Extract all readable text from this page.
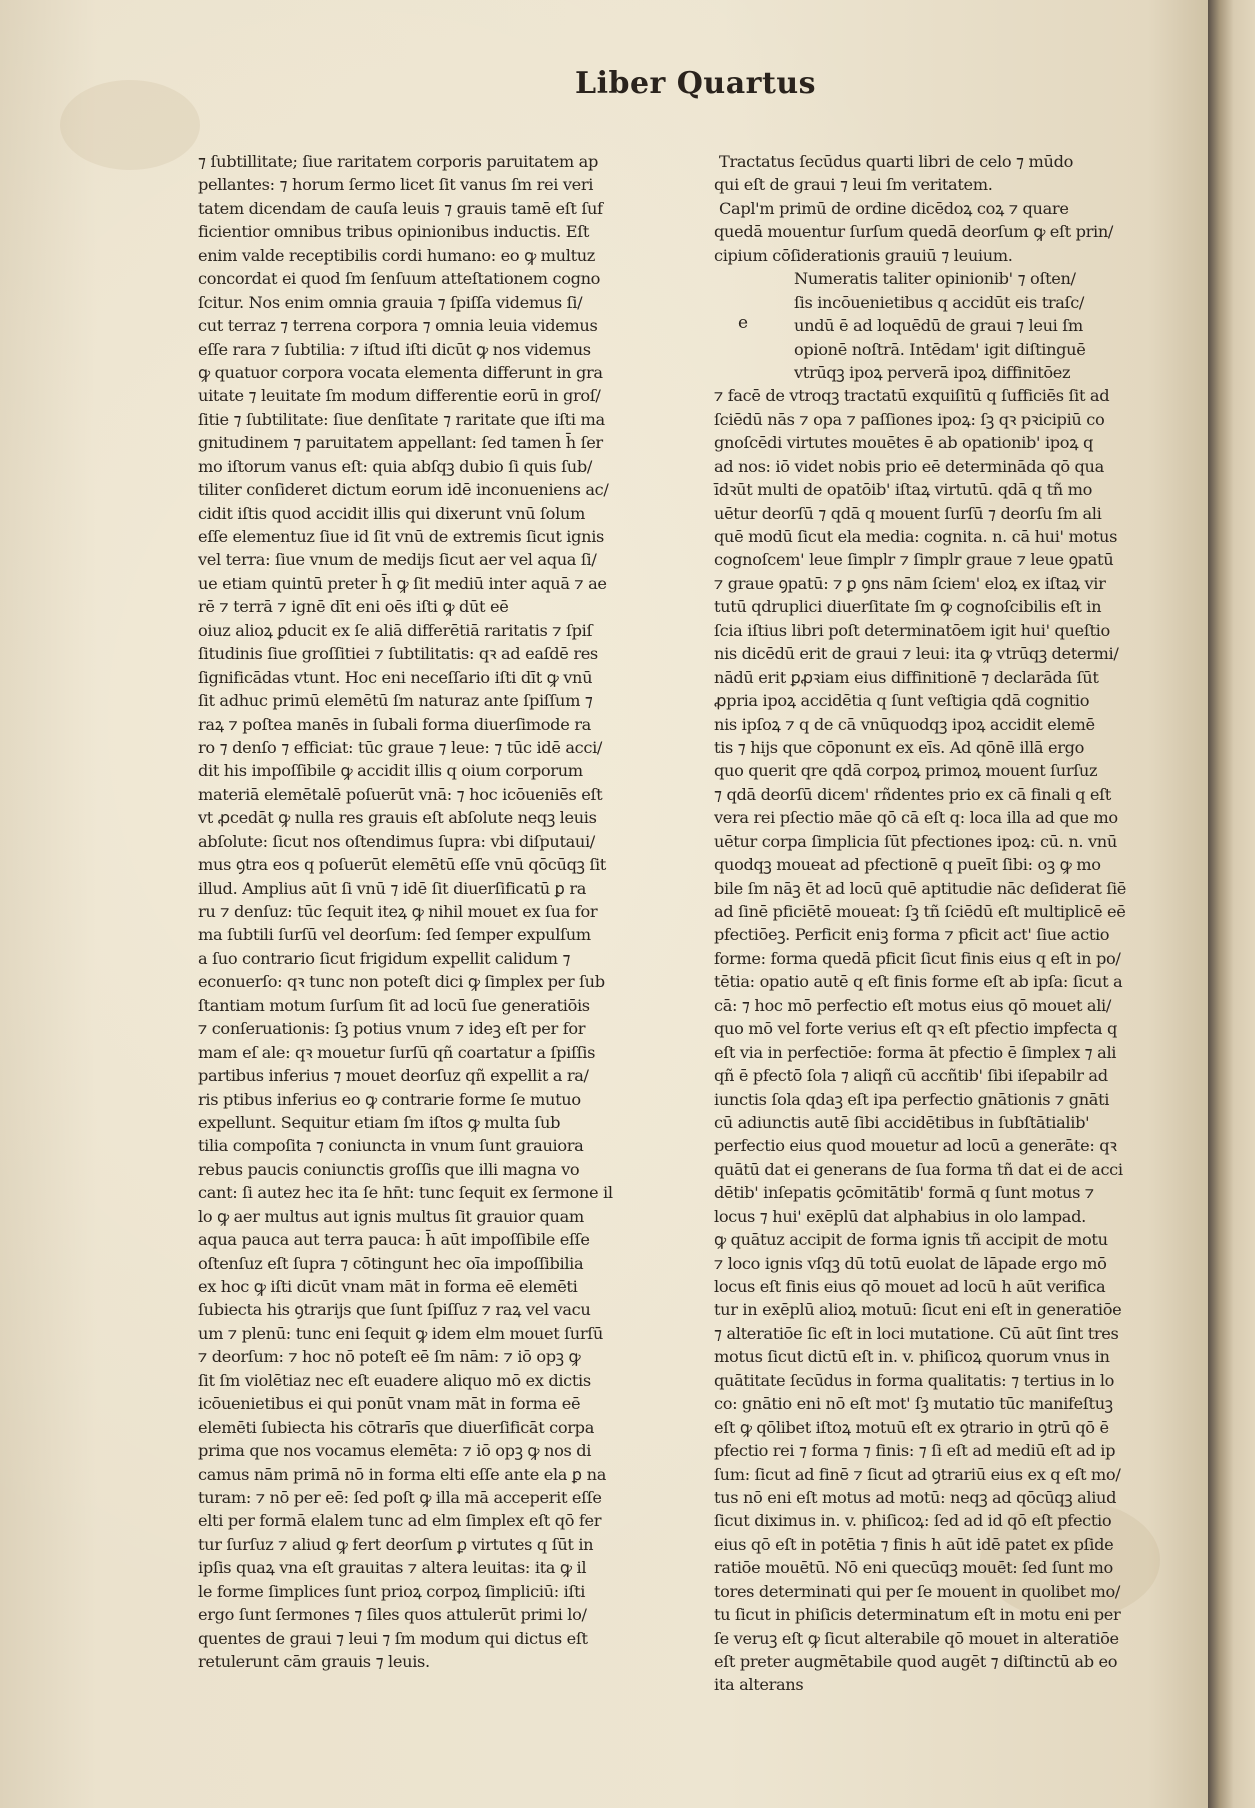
Liber Quartus
⁊ ſubtillitate; ſiue raritatem corporis paruitatem ap
pellantes: ⁊ horum ſermo licet ſit vanus ſm rei veri
tatem dicendam de cauſa leuis ⁊ grauis tamē eſt ſuf
ficientior omnibus tribus opinionibus inductis. Eſt
enim valde receptibilis cordi humano: eo ꝙ multuz
concordat ei quod ſm ſenſuum atteſtationem cogno
ſcitur. Nos enim omnia grauia ⁊ ſpiſſa videmus ſi/
cut terraz ⁊ terrena corpora ⁊ omnia leuia videmus
eſſe rara ⁊ ſubtilia: ⁊ iſtud iſti dicūt ꝙ nos videmus
ꝙ quatuor corpora vocata elementa differunt in gra
uitate ⁊ leuitate ſm modum differentie eorū in groſ/
ſitie ⁊ ſubtilitate: ſiue denſitate ⁊ raritate que iſti ma
gnitudinem ⁊ paruitatem appellant: ſed tamen h̄ ſer
mo iſtorum vanus eſt: quia abſqꝫ dubio ſi quis ſub/
tiliter conſideret dictum eorum idē inconueniens ac/
cidit iſtis quod accidit illis qui dixerunt vnū ſolum
eſſe elementuz ſiue id ſit vnū de extremis ſicut ignis
vel terra: ſiue vnum de medijs ſicut aer vel aqua ſi/
ue etiam quintū preter h̄ ꝙ ſit mediū inter aquā ⁊ ae
rē ⁊ terrā ⁊ ignē dīt eni oēs iſti ꝙ dūt eē
oiuz alioꝝ ꝑducit ex ſe aliā differētiā raritatis ⁊ ſpiſ
ſitudinis ſiue groſſitiei ⁊ ſubtilitatis: qꝛ ad eaſdē res
ſignificādas vtunt. Hoc eni neceſſario iſti dīt ꝙ vnū
ſit adhuc primū elemētū ſm naturaz ante ſpiſſum ⁊
raꝝ ⁊ poſtea manēs in ſubali forma diuerſimode ra
ro ⁊ denſo ⁊ efficiat: tūc graue ⁊ leue: ⁊ tūc idē acci/
dit his impoſſibile ꝙ accidit illis q oium corporum
materiā elemētalē poſuerūt vnā: ⁊ hoc icōueniēs eſt
vt ꝓcedāt ꝙ nulla res grauis eſt abſolute neqꝫ leuis
abſolute: ſicut nos oſtendimus ſupra: vbi diſputaui/
mus ꝯtra eos q poſuerūt elemētū eſſe vnū qōcūqꝫ ſit
illud. Amplius aūt ſi vnū ⁊ idē ſit diuerſificatū ꝑ ra
ru ⁊ denſuz: tūc ſequit iteꝝ ꝙ nihil mouet ex ſua for
ma ſubtili ſurſū vel deorſum: ſed ſemper expulſum
a ſuo contrario ſicut frigidum expellit calidum ⁊
econuerſo: qꝛ tunc non poteſt dici ꝙ ſimplex per ſub
ſtantiam motum ſurſum ſit ad locū ſue generatiōis
⁊ conſeruationis: ſꝫ potius vnum ⁊ ideꝫ eſt per for
mam eſ ale: qꝛ mouetur ſurſū qñ coartatur a ſpiſſis
partibus inferius ⁊ mouet deorſuz qñ expellit a ra/
ris ptibus inferius eo ꝙ contrarie forme ſe mutuo
expellunt. Sequitur etiam ſm iſtos ꝙ multa ſub
tilia compoſita ⁊ coniuncta in vnum ſunt grauiora
rebus paucis coniunctis groſſis que illi magna vo
cant: ſi autez hec ita ſe hn̄t: tunc ſequit ex ſermone il
lo ꝙ aer multus aut ignis multus ſit grauior quam
aqua pauca aut terra pauca: h̄ aūt impoſſibile eſſe
oſtenſuz eſt ſupra ⁊ cōtingunt hec oīa impoſſibilia
ex hoc ꝙ iſti dicūt vnam māt in forma eē elemēti
ſubiecta his ꝯtrarijs que ſunt ſpiſſuz ⁊ raꝝ vel vacu
um ⁊ plenū: tunc eni ſequit ꝙ idem elm mouet ſurſū
⁊ deorſum: ⁊ hoc nō poteſt eē ſm nām: ⁊ iō opꝫ ꝙ
ſit ſm violētiaz nec eſt euadere aliquo mō ex dictis
icōuenietibus ei qui ponūt vnam māt in forma eē
elemēti ſubiecta his cōtrarīs que diuerſificāt corpa
prima que nos vocamus elemēta: ⁊ iō opꝫ ꝙ nos di
camus nām primā nō in forma elti eſſe ante ela ꝑ na
turam: ⁊ nō per eē: ſed poſt ꝙ illa mā acceperit eſſe
elti per formā elalem tunc ad elm ſimplex eſt qō fer
tur ſurſuz ⁊ aliud ꝙ fert deorſum ꝑ virtutes q ſūt in
ipſis quaꝝ vna eſt grauitas ⁊ altera leuitas: ita ꝙ il
le forme ſimplices ſunt prioꝝ corpoꝝ ſimpliciū: iſti
ergo ſunt ſermones ⁊ ſiles quos attulerūt primi lo/
quentes de graui ⁊ leui ⁊ ſm modum qui dictus eſt
retulerunt cām grauis ⁊ leuis.
e
Tractatus ſecūdus quarti libri de celo ⁊ mūdo
qui eſt de graui ⁊ leui ſm veritatem.
Capl'm primū de ordine dicēdoꝝ coꝝ ⁊ quare
quedā mouentur ſurſum quedā deorſum ꝙ eſt prin/
cipium cōſiderationis grauiū ⁊ leuium.
Numeratis taliter opinionib' ⁊ oſten/
ſis incōuenietibus q accidūt eis traſc/
undū ē ad loquēdū de graui ⁊ leui ſm
opionē noſtrā. Intēdam' igit diſtinguē
vtrūqꝫ ipoꝝ perverā ipoꝝ diffinitōez
⁊ facē de vtroqꝫ tractatū exquiſitū q ſufficiēs ſit ad
ſciēdū nās ⁊ opa ⁊ paſſiones ipoꝝ: ſꝫ qꝛ pꝛicipiū co
gnoſcēdi virtutes mouētes ē ab opationib' ipoꝝ q
ad nos: iō videt nobis prio eē determināda qō qua
īdꝛūt multi de opatōib' iſtaꝝ virtutū. qdā q tñ mo
uētur deorſū ⁊ qdā q mouent ſurſū ⁊ deorſu ſm ali
quē modū ſicut ela media: cognita. n. cā hui' motus
cognoſcem' leue ſimplr ⁊ ſimplr graue ⁊ leue ꝯpatū
⁊ graue ꝯpatū: ⁊ ꝑ ꝯns nām ſciem' eloꝝ ex iſtaꝝ vir
tutū qdruplici diuerſitate ſm ꝙ cognoſcibilis eſt in
ſcia iſtius libri poſt determinatōem igit hui' queſtio
nis dicēdū erit de graui ⁊ leui: ita ꝙ vtrūqꝫ determi/
nādū erit ꝑꝓꝛiam eius diffinitionē ⁊ declarāda ſūt
ꝓpria ipoꝝ accidētia q ſunt veſtigia qdā cognitio
nis ipſoꝝ ⁊ q de cā vnūquodqꝫ ipoꝝ accidit elemē
tis ⁊ hijs que cōponunt ex eīs. Ad qōnē illā ergo
quo querit qre qdā corpoꝝ primoꝝ mouent ſurſuz
⁊ qdā deorſū dicem' rñdentes prio ex cā finali q eſt
vera rei pſectio māe qō cā eſt q: loca illa ad que mo
uētur corpa ſimplicia ſūt pfectiones ipoꝝ: cū. n. vnū
quodqꝫ moueat ad pfectionē q pueīt ſibi: oꝫ ꝙ mo
bile ſm nāꝫ ēt ad locū quē aptitudie nāc deſiderat ſiē
ad ſinē pficiētē moueat: ſꝫ tñ ſciēdū eſt multiplicē eē
pfectiōeꝫ. Perficit eniꝫ forma ⁊ pficit act' ſiue actio
forme: forma quedā pficit ſicut finis eius q eſt in po/
tētia: opatio autē q eſt finis forme eſt ab ipſa: ſicut a
cā: ⁊ hoc mō perfectio eſt motus eius qō mouet ali/
quo mō vel forte verius eſt qꝛ eſt pfectio impfecta q
eſt via in perfectiōe: forma āt pfectio ē ſimplex ⁊ ali
qñ ē pfectō ſola ⁊ aliqñ cū accñtib' ſibi iſepabilr ad
iunctis ſola qdaꝫ eſt ipa perfectio gnātionis ⁊ gnāti
cū adiunctis autē ſibi accidētibus in ſubſtātialib'
perfectio eius quod mouetur ad locū a generāte: qꝛ
quātū dat ei generans de ſua forma tñ dat ei de acci
dētib' inſepatis ꝯcōmitātib' formā q ſunt motus ⁊
locus ⁊ hui' exēplū dat alphabius in olo lampad.
ꝙ quātuz accipit de forma ignis tñ accipit de motu
⁊ loco ignis vſqꝫ dū totū euolat de lāpade ergo mō
locus eſt finis eius qō mouet ad locū h aūt verifica
tur in exēplū alioꝝ motuū: ſicut eni eſt in generatiōe
⁊ alteratiōe ſic eſt in loci mutatione. Cū aūt ſint tres
motus ſicut dictū eſt in. v. phiſicoꝝ quorum vnus in
quātitate ſecūdus in forma qualitatis: ⁊ tertius in lo
co: gnātio eni nō eſt mot' ſꝫ mutatio tūc manifeſtuꝫ
eſt ꝙ qōlibet iſtoꝝ motuū eſt ex ꝯtrario in ꝯtrū qō ē
pfectio rei ⁊ forma ⁊ finis: ⁊ ſi eſt ad mediū eſt ad ip
ſum: ſicut ad finē ⁊ ſicut ad ꝯtrariū eius ex q eſt mo/
tus nō eni eſt motus ad motū: neqꝫ ad qōcūqꝫ aliud
ſicut diximus in. v. phiſicoꝝ: ſed ad id qō eſt pfectio
eius qō eſt in potētia ⁊ finis h aūt idē patet ex pſide
ratiōe mouētū. Nō eni quecūqꝫ mouēt: ſed ſunt mo
tores determinati qui per ſe mouent in quolibet mo/
tu ſicut in phiſicis determinatum eſt in motu eni per
ſe veruꝫ eſt ꝙ ſicut alterabile qō mouet in alteratiōe
eſt preter augmētabile quod augēt ⁊ diſtinctū ab eo
ita alterans
